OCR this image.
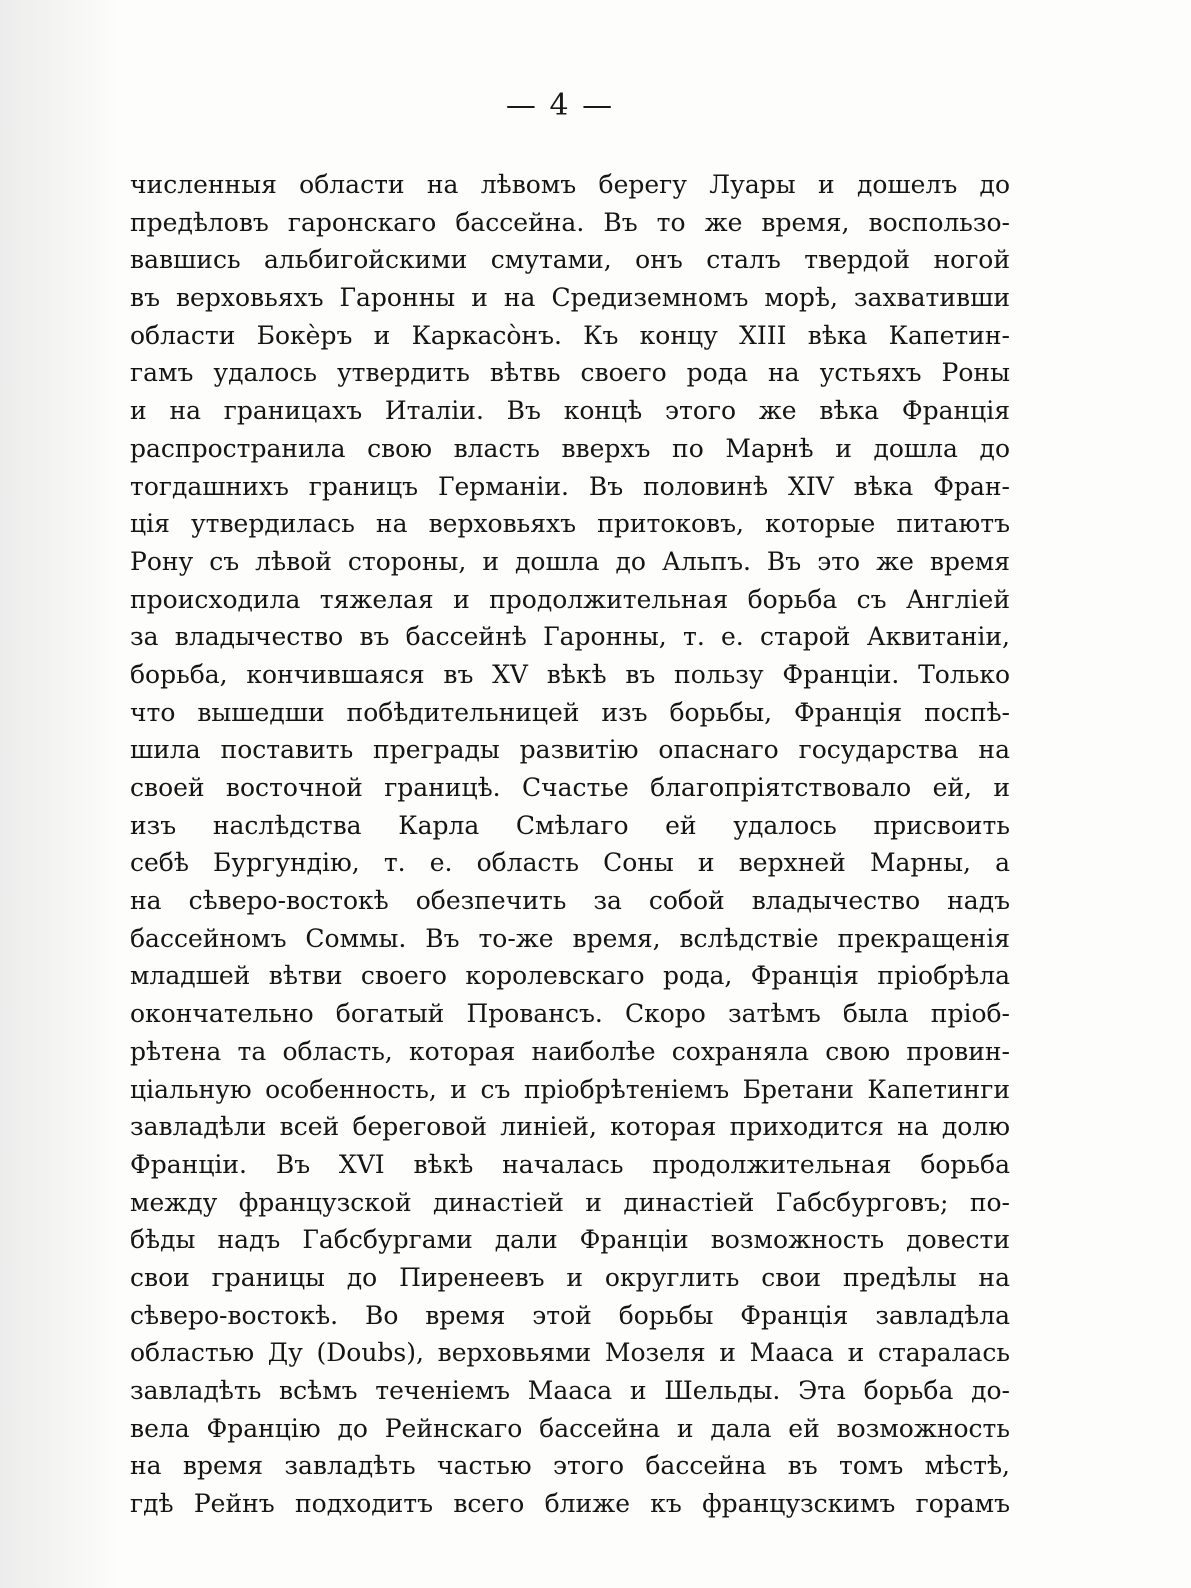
— 4 —
численныя области на лѣвомъ берегу Луары и дошелъ до
предѣловъ гаронскаго бассейна. Въ то же время, воспользо-
вавшись альбигойскими смутами, онъ сталъ твердой ногой
въ верховьяхъ Гаронны и на Средиземномъ морѣ, захвативши
области Бокèръ и Каркасòнъ. Къ концу XIII вѣка Капетин-
гамъ удалось утвердить вѣтвь своего рода на устьяхъ Роны
и на границахъ Италіи. Въ концѣ этого же вѣка Францiя
распространила свою власть вверхъ по Марнѣ и дошла до
тогдашнихъ границъ Германіи. Въ половинѣ XIV вѣка Фран-
ція утвердилась на верховьяхъ притоковъ, которые питаютъ
Рону съ лѣвой стороны, и дошла до Альпъ. Въ это же время
происходила тяжелая и продолжительная борьба съ Англiей
за владычество въ бассейнѣ Гаронны, т. е. старой Аквитаніи,
борьба, кончившаяся въ XV вѣкѣ въ пользу Франціи. Только
что вышедши побѣдительницей изъ борьбы, Франція поспѣ-
шила поставить преграды развитію опаснаго государства на
своей восточной границѣ. Счастье благопріятствовало ей, и
изъ наслѣдства Карла Смѣлаго ей удалось присвоить
себѣ Бургундію, т. е. область Соны и верхней Марны, а
на сѣверо-востокѣ обезпечить за собой владычество надъ
бассейномъ Соммы. Въ то-же время, вслѣдствіе прекращенія
младшей вѣтви своего королевскаго рода, Франція пріобрѣла
окончательно богатый Провансъ. Скоро затѣмъ была пріоб-
рѣтена та область, которая наиболѣе сохраняла свою провин-
ціальную особенность, и съ пріобрѣтеніемъ Бретани Капетинги
завладѣли всей береговой линіей, которая приходится на долю
Франціи. Въ XVI вѣкѣ началась продолжительная борьба
между французской династіей и династіей Габсбурговъ; по-
бѣды надъ Габсбургами дали Франціи возможность довести
свои границы до Пиренеевъ и округлить свои предѣлы на
сѣверо-востокѣ. Во время этой борьбы Францiя завладѣла
областью Ду (Doubs), верховьями Мозеля и Мааса и старалась
завладѣть всѣмъ теченіемъ Мааса и Шельды. Эта борьба до-
вела Францію до Рейнскаго бассейна и дала ей возможность
на время завладѣть частью этого бассейна въ томъ мѣстѣ,
гдѣ Рейнъ подходитъ всего ближе къ французскимъ горамъ
